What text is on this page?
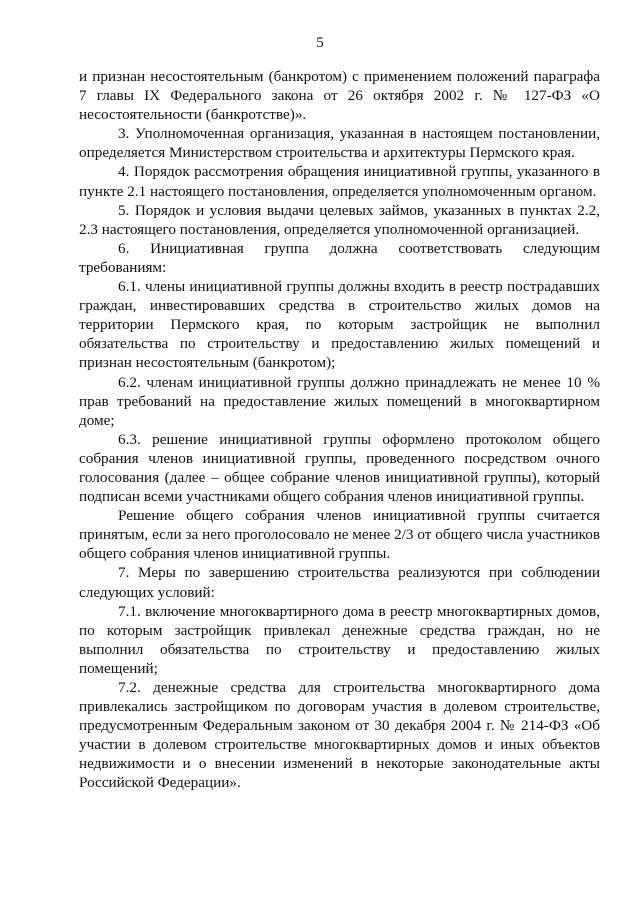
5

и признан несостоятельным (банкротом) с применением положений параграфа 7 главы IX Федерального закона от 26 октября 2002 г. № 127-ФЗ «О несостоятельности (банкротстве)».

3. Уполномоченная организация, указанная в настоящем постановлении, определяется Министерством строительства и архитектуры Пермского края.

4. Порядок рассмотрения обращения инициативной группы, указанного в пункте 2.1 настоящего постановления, определяется уполномоченным органом.

5. Порядок и условия выдачи целевых займов, указанных в пунктах 2.2, 2.3 настоящего постановления, определяется уполномоченной организацией.

6. Инициативная группа должна соответствовать следующим требованиям:

6.1. члены инициативной группы должны входить в реестр пострадавших граждан, инвестировавших средства в строительство жилых домов на территории Пермского края, по которым застройщик не выполнил обязательства по строительству и предоставлению жилых помещений и признан несостоятельным (банкротом);

6.2. членам инициативной группы должно принадлежать не менее 10 % прав требований на предоставление жилых помещений в многоквартирном доме;

6.3. решение инициативной группы оформлено протоколом общего собрания членов инициативной группы, проведенного посредством очного голосования (далее – общее собрание членов инициативной группы), который подписан всеми участниками общего собрания членов инициативной группы.

Решение общего собрания членов инициативной группы считается принятым, если за него проголосовало не менее 2/3 от общего числа участников общего собрания членов инициативной группы.

7. Меры по завершению строительства реализуются при соблюдении следующих условий:

7.1. включение многоквартирного дома в реестр многоквартирных домов, по которым застройщик привлекал денежные средства граждан, но не выполнил обязательства по строительству и предоставлению жилых помещений;

7.2. денежные средства для строительства многоквартирного дома привлекались застройщиком по договорам участия в долевом строительстве, предусмотренным Федеральным законом от 30 декабря 2004 г. № 214-ФЗ «Об участии в долевом строительстве многоквартирных домов и иных объектов недвижимости и о внесении изменений в некоторые законодательные акты Российской Федерации».
